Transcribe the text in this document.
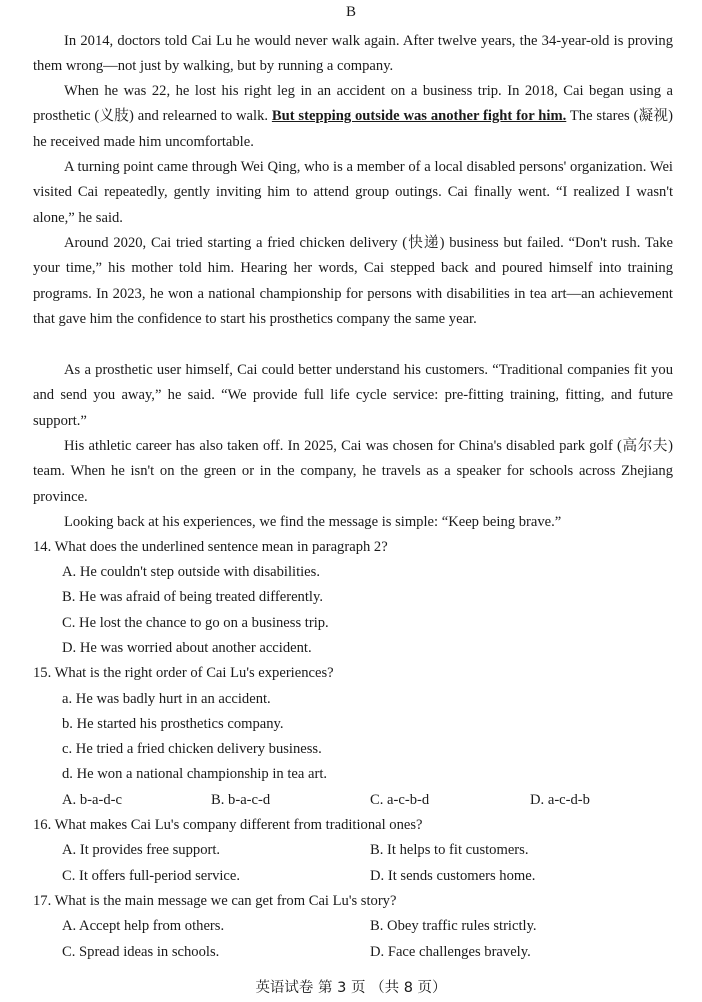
B

In 2014, doctors told Cai Lu he would never walk again. After twelve years, the 34-year-old is proving them wrong—not just by walking, but by running a company.

When he was 22, he lost his right leg in an accident on a business trip. In 2018, Cai began using a prosthetic (义肢) and relearned to walk. But stepping outside was another fight for him. The stares (凝视) he received made him uncomfortable.

A turning point came through Wei Qing, who is a member of a local disabled persons' organization. Wei visited Cai repeatedly, gently inviting him to attend group outings. Cai finally went. “I realized I wasn't alone,” he said.

Around 2020, Cai tried starting a fried chicken delivery (快递) business but failed. “Don't rush. Take your time,” his mother told him. Hearing her words, Cai stepped back and poured himself into training programs. In 2023, he won a national championship for persons with disabilities in tea art—an achievement that gave him the confidence to start his prosthetics company the same year.

As a prosthetic user himself, Cai could better understand his customers. “Traditional companies fit you and send you away,” he said. “We provide full life cycle service: pre-fitting training, fitting, and future support.”

His athletic career has also taken off. In 2025, Cai was chosen for China's disabled park golf (高尔夫) team. When he isn't on the green or in the company, he travels as a speaker for schools across Zhejiang province.

Looking back at his experiences, we find the message is simple: “Keep being brave.”

14. What does the underlined sentence mean in paragraph 2?

A. He couldn't step outside with disabilities.

B. He was afraid of being treated differently.

C. He lost the chance to go on a business trip.

D. He was worried about another accident.

15. What is the right order of Cai Lu's experiences?

a. He was badly hurt in an accident.

b. He started his prosthetics company.

c. He tried a fried chicken delivery business.

d. He won a national championship in tea art.

A. b-a-d-c	B. b-a-c-d	C. a-c-b-d	D. a-c-d-b

16. What makes Cai Lu's company different from traditional ones?

A. It provides free support.	B. It helps to fit customers.

C. It offers full-period service.	D. It sends customers home.

17. What is the main message we can get from Cai Lu's story?

A. Accept help from others.	B. Obey traffic rules strictly.

C. Spread ideas in schools.	D. Face challenges bravely.

英语试卷 第 3 页 （共 8 页）
